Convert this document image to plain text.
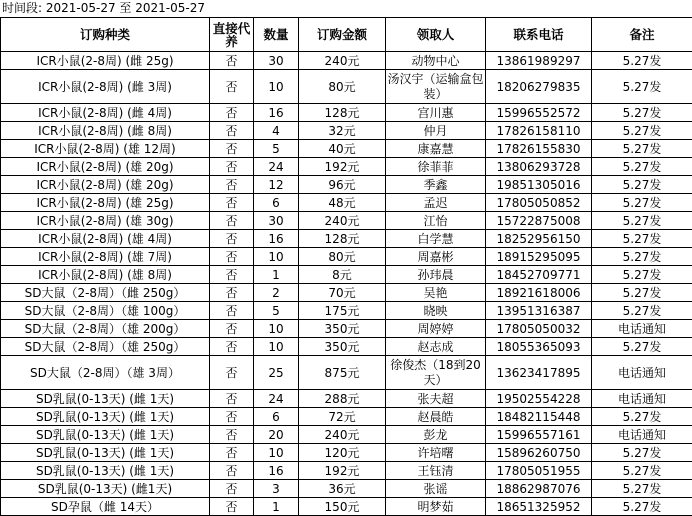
时间段: 2021-05-27 至 2021-05-27
订购种类	直接代养	数量	订购金额	领取人	联系电话	备注
ICR小鼠(2-8周) (雌 25g)	否	30	240元	动物中心	13861989297	5.27发
ICR小鼠(2-8周) (雌 3周)	否	10	80元	汤汉宇（运输盒包装）	18206279835	5.27发
ICR小鼠(2-8周) (雌 4周)	否	16	128元	宫川惠	15996552572	5.27发
ICR小鼠(2-8周) (雌 8周)	否	4	32元	仲月	17826158110	5.27发
ICR小鼠(2-8周) (雄 12周)	否	5	40元	康嘉慧	17826155830	5.27发
ICR小鼠(2-8周) (雄 20g)	否	24	192元	徐菲菲	13806293728	5.27发
ICR小鼠(2-8周) (雄 20g)	否	12	96元	季鑫	19851305016	5.27发
ICR小鼠(2-8周) (雄 25g)	否	6	48元	孟迟	17805050852	5.27发
ICR小鼠(2-8周) (雄 30g)	否	30	240元	江怡	15722875008	5.27发
ICR小鼠(2-8周) (雄 4周)	否	16	128元	白学慧	18252956150	5.27发
ICR小鼠(2-8周) (雄 7周)	否	10	80元	周嘉彬	18915295095	5.27发
ICR小鼠(2-8周) (雄 8周)	否	1	8元	孙玮晨	18452709771	5.27发
SD大鼠（2-8周）（雌 250g）	否	2	70元	吴艳	18921618006	5.27发
SD大鼠（2-8周）（雄 100g）	否	5	175元	晓映	13951316387	5.27发
SD大鼠（2-8周）（雄 200g）	否	10	350元	周婷婷	17805050032	电话通知
SD大鼠（2-8周）（雄 250g）	否	10	350元	赵志成	18055365093	5.27发
SD大鼠（2-8周）（雄 3周）	否	25	875元	徐俊杰（18到20天）	13623417895	电话通知
SD乳鼠(0-13天) (雌 1天)	否	24	288元	张夫超	19502554228	电话通知
SD乳鼠(0-13天) (雌 1天)	否	6	72元	赵晨皓	18482115448	5.27发
SD乳鼠(0-13天) (雌 1天)	否	20	240元	彭龙	15996557161	电话通知
SD乳鼠(0-13天) (雌 1天)	否	10	120元	许培曙	15896260750	5.27发
SD乳鼠(0-13天) (雌 1天)	否	16	192元	王钰清	17805051955	5.27发
SD乳鼠(0-13天) (雌1天)	否	3	36元	张谣	18862987076	5.27发
SD孕鼠（雌 14天）	否	1	150元	明梦茹	18651325952	5.27发
